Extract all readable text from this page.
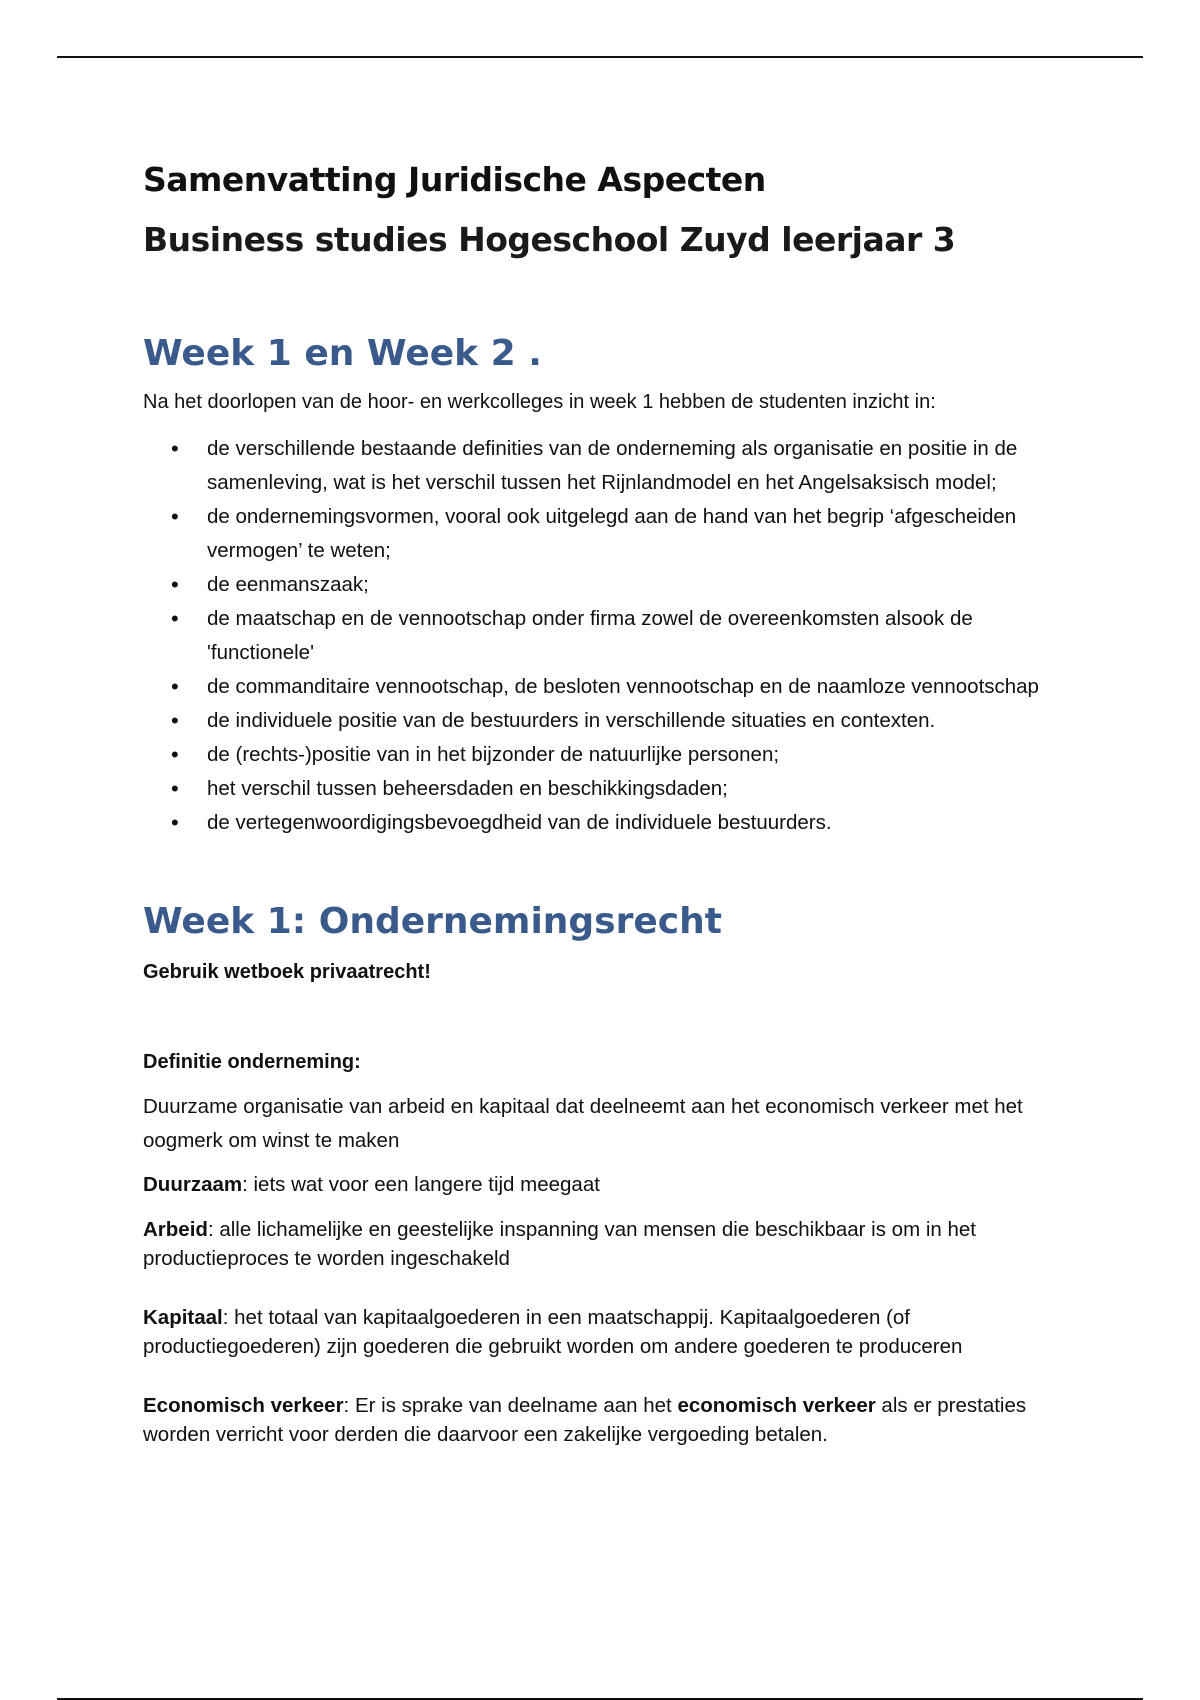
Samenvatting Juridische Aspecten
Business studies Hogeschool Zuyd leerjaar 3
Week 1 en Week 2 .

Na het doorlopen van de hoor- en werkcolleges in week 1 hebben de studenten inzicht in:

• de verschillende bestaande definities van de onderneming als organisatie en positie in de samenleving, wat is het verschil tussen het Rijnlandmodel en het Angelsaksisch model;
• de ondernemingsvormen, vooral ook uitgelegd aan de hand van het begrip ‘afgescheiden vermogen’ te weten;
• de eenmanszaak;
• de maatschap en de vennootschap onder firma zowel de overeenkomsten alsook de 'functionele'
• de commanditaire vennootschap, de besloten vennootschap en de naamloze vennootschap
• de individuele positie van de bestuurders in verschillende situaties en contexten.
• de (rechts-)positie van in het bijzonder de natuurlijke personen;
• het verschil tussen beheersdaden en beschikkingsdaden;
• de vertegenwoordigingsbevoegdheid van de individuele bestuurders.
Week 1: Ondernemingsrecht

Gebruik wetboek privaatrecht!

Definitie onderneming:

Duurzame organisatie van arbeid en kapitaal dat deelneemt aan het economisch verkeer met het oogmerk om winst te maken

Duurzaam: iets wat voor een langere tijd meegaat

Arbeid: alle lichamelijke en geestelijke inspanning van mensen die beschikbaar is om in het productieproces te worden ingeschakeld

Kapitaal: het totaal van kapitaalgoederen in een maatschappij. Kapitaalgoederen (of productiegoederen) zijn goederen die gebruikt worden om andere goederen te produceren

Economisch verkeer: Er is sprake van deelname aan het economisch verkeer als er prestaties worden verricht voor derden die daarvoor een zakelijke vergoeding betalen.
